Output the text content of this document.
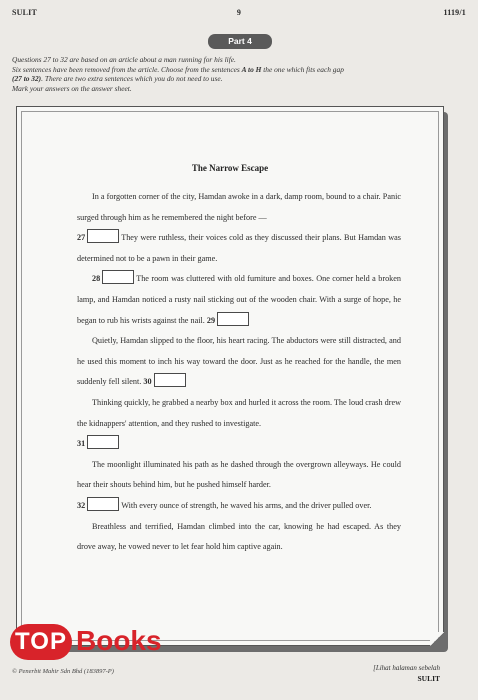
SULIT	9	1119/1
Part 4
Questions 27 to 32 are based on an article about a man running for his life.
Six sentences have been removed from the article. Choose from the sentences A to H the one which fits each gap
(27 to 32). There are two extra sentences which you do not need to use.
Mark your answers on the answer sheet.
The Narrow Escape

In a forgotten corner of the city, Hamdan awoke in a dark, damp room, bound to a chair. Panic surged through him as he remembered the night before —

27	They were ruthless, their voices cold as they discussed their plans. But Hamdan was determined not to be a pawn in their game.

28	The room was cluttered with old furniture and boxes. One corner held a broken lamp, and Hamdan noticed a rusty nail sticking out of the wooden chair. With a surge of hope, he began to rub his wrists against the nail. 29

Quietly, Hamdan slipped to the floor, his heart racing. The abductors were still distracted, and he used this moment to inch his way toward the door. Just as he reached for the handle, the men suddenly fell silent. 30

Thinking quickly, he grabbed a nearby box and hurled it across the room. The loud crash drew the kidnappers' attention, and they rushed to investigate.

31

The moonlight illuminated his path as he dashed through the overgrown alleyways. He could hear their shouts behind him, but he pushed himself harder.

32	With every ounce of strength, he waved his arms, and the driver pulled over.

Breathless and terrified, Hamdan climbed into the car, knowing he had escaped. As they drove away, he vowed never to let fear hold him captive again.

TOP Books
© Penerbit Mahir Sdn Bhd (183897-P)	[Lihat halaman sebelah
SULIT
